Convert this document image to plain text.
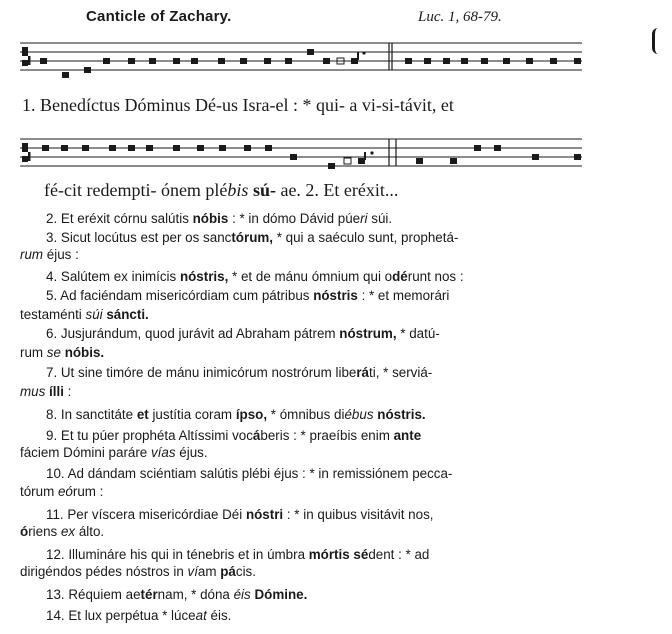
Canticle of Zachary.	Luc. 1, 68-79.
1. Benedíctus Dóminus Dé-us Isra-el : * qui- a vi-si-távit, et
fé-cit redempti- ónem plébis sú- ae. 2. Et eréxit...
2. Et eréxit córnu salútis nóbis : * in dómo Dávid púeri súi.
3. Sicut locútus est per os sanctórum, * qui a saéculo sunt, prophetá-
rum éjus :
4. Salútem ex inimícis nóstris, * et de mánu ómnium qui odérunt nos :
5. Ad faciéndam misericórdiam cum pátribus nóstris : * et memorári
testaménti súi sáncti.
6. Jusjurándum, quod jurávit ad Abraham pátrem nóstrum, * datú-
rum se nóbis.
7. Ut sine timóre de mánu inimicórum nostrórum liberáti, * serviá-
mus ílli :
8. In sanctitáte et justítia coram ípso, * ómnibus diébus nóstris.
9. Et tu púer prophéta Altíssimi vocáberis : * praeíbis enim ante
fáciem Dómini paráre vías éjus.
10. Ad dándam sciéntiam salútis plébi éjus : * in remissiónem pecca-
tórum eórum :
11. Per víscera misericórdiae Déi nóstri : * in quibus visitávit nos,
óriens ex álto.
12. Illumináre his qui in ténebris et in úmbra mórtis sédent : * ad
dirigéndos pédes nóstros in víam pácis.
13. Réquiem aetérnam, * dóna éis Dómine.
14. Et lux perpétua * lúceat éis.
